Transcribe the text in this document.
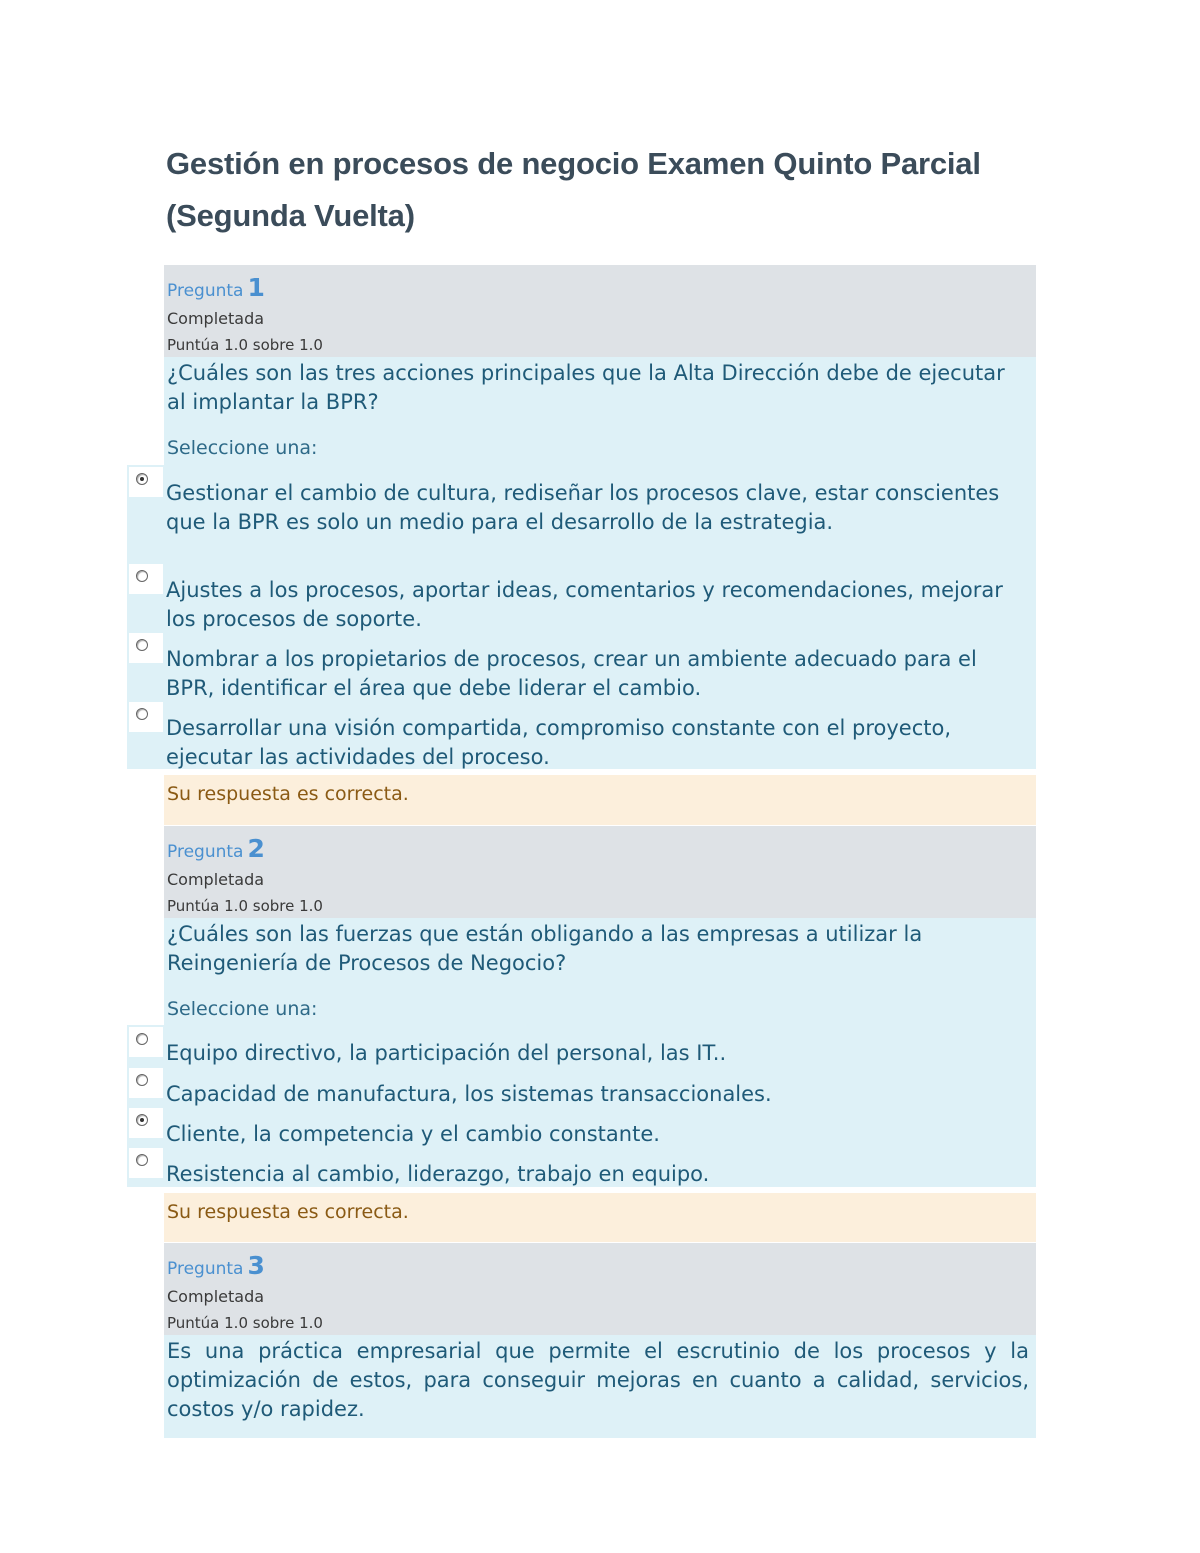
Gestión en procesos de negocio Examen Quinto Parcial (Segunda Vuelta)
Pregunta 1
Completada
Puntúa 1.0 sobre 1.0
¿Cuáles son las tres acciones principales que la Alta Dirección debe de ejecutar al implantar la BPR?
Seleccione una:
Gestionar el cambio de cultura, rediseñar los procesos clave, estar conscientes que la BPR es solo un medio para el desarrollo de la estrategia.
Ajustes a los procesos, aportar ideas, comentarios y recomendaciones, mejorar los procesos de soporte.
Nombrar a los propietarios de procesos, crear un ambiente adecuado para el BPR, identificar el área que debe liderar el cambio.
Desarrollar una visión compartida, compromiso constante con el proyecto, ejecutar las actividades del proceso.
Su respuesta es correcta.
Pregunta 2
Completada
Puntúa 1.0 sobre 1.0
¿Cuáles son las fuerzas que están obligando a las empresas a utilizar la Reingeniería de Procesos de Negocio?
Seleccione una:
Equipo directivo, la participación del personal, las IT..
Capacidad de manufactura, los sistemas transaccionales.
Cliente, la competencia y el cambio constante.
Resistencia al cambio, liderazgo, trabajo en equipo.
Su respuesta es correcta.
Pregunta 3
Completada
Puntúa 1.0 sobre 1.0
Es una práctica empresarial que permite el escrutinio de los procesos y la optimización de estos, para conseguir mejoras en cuanto a calidad, servicios, costos y/o rapidez.
